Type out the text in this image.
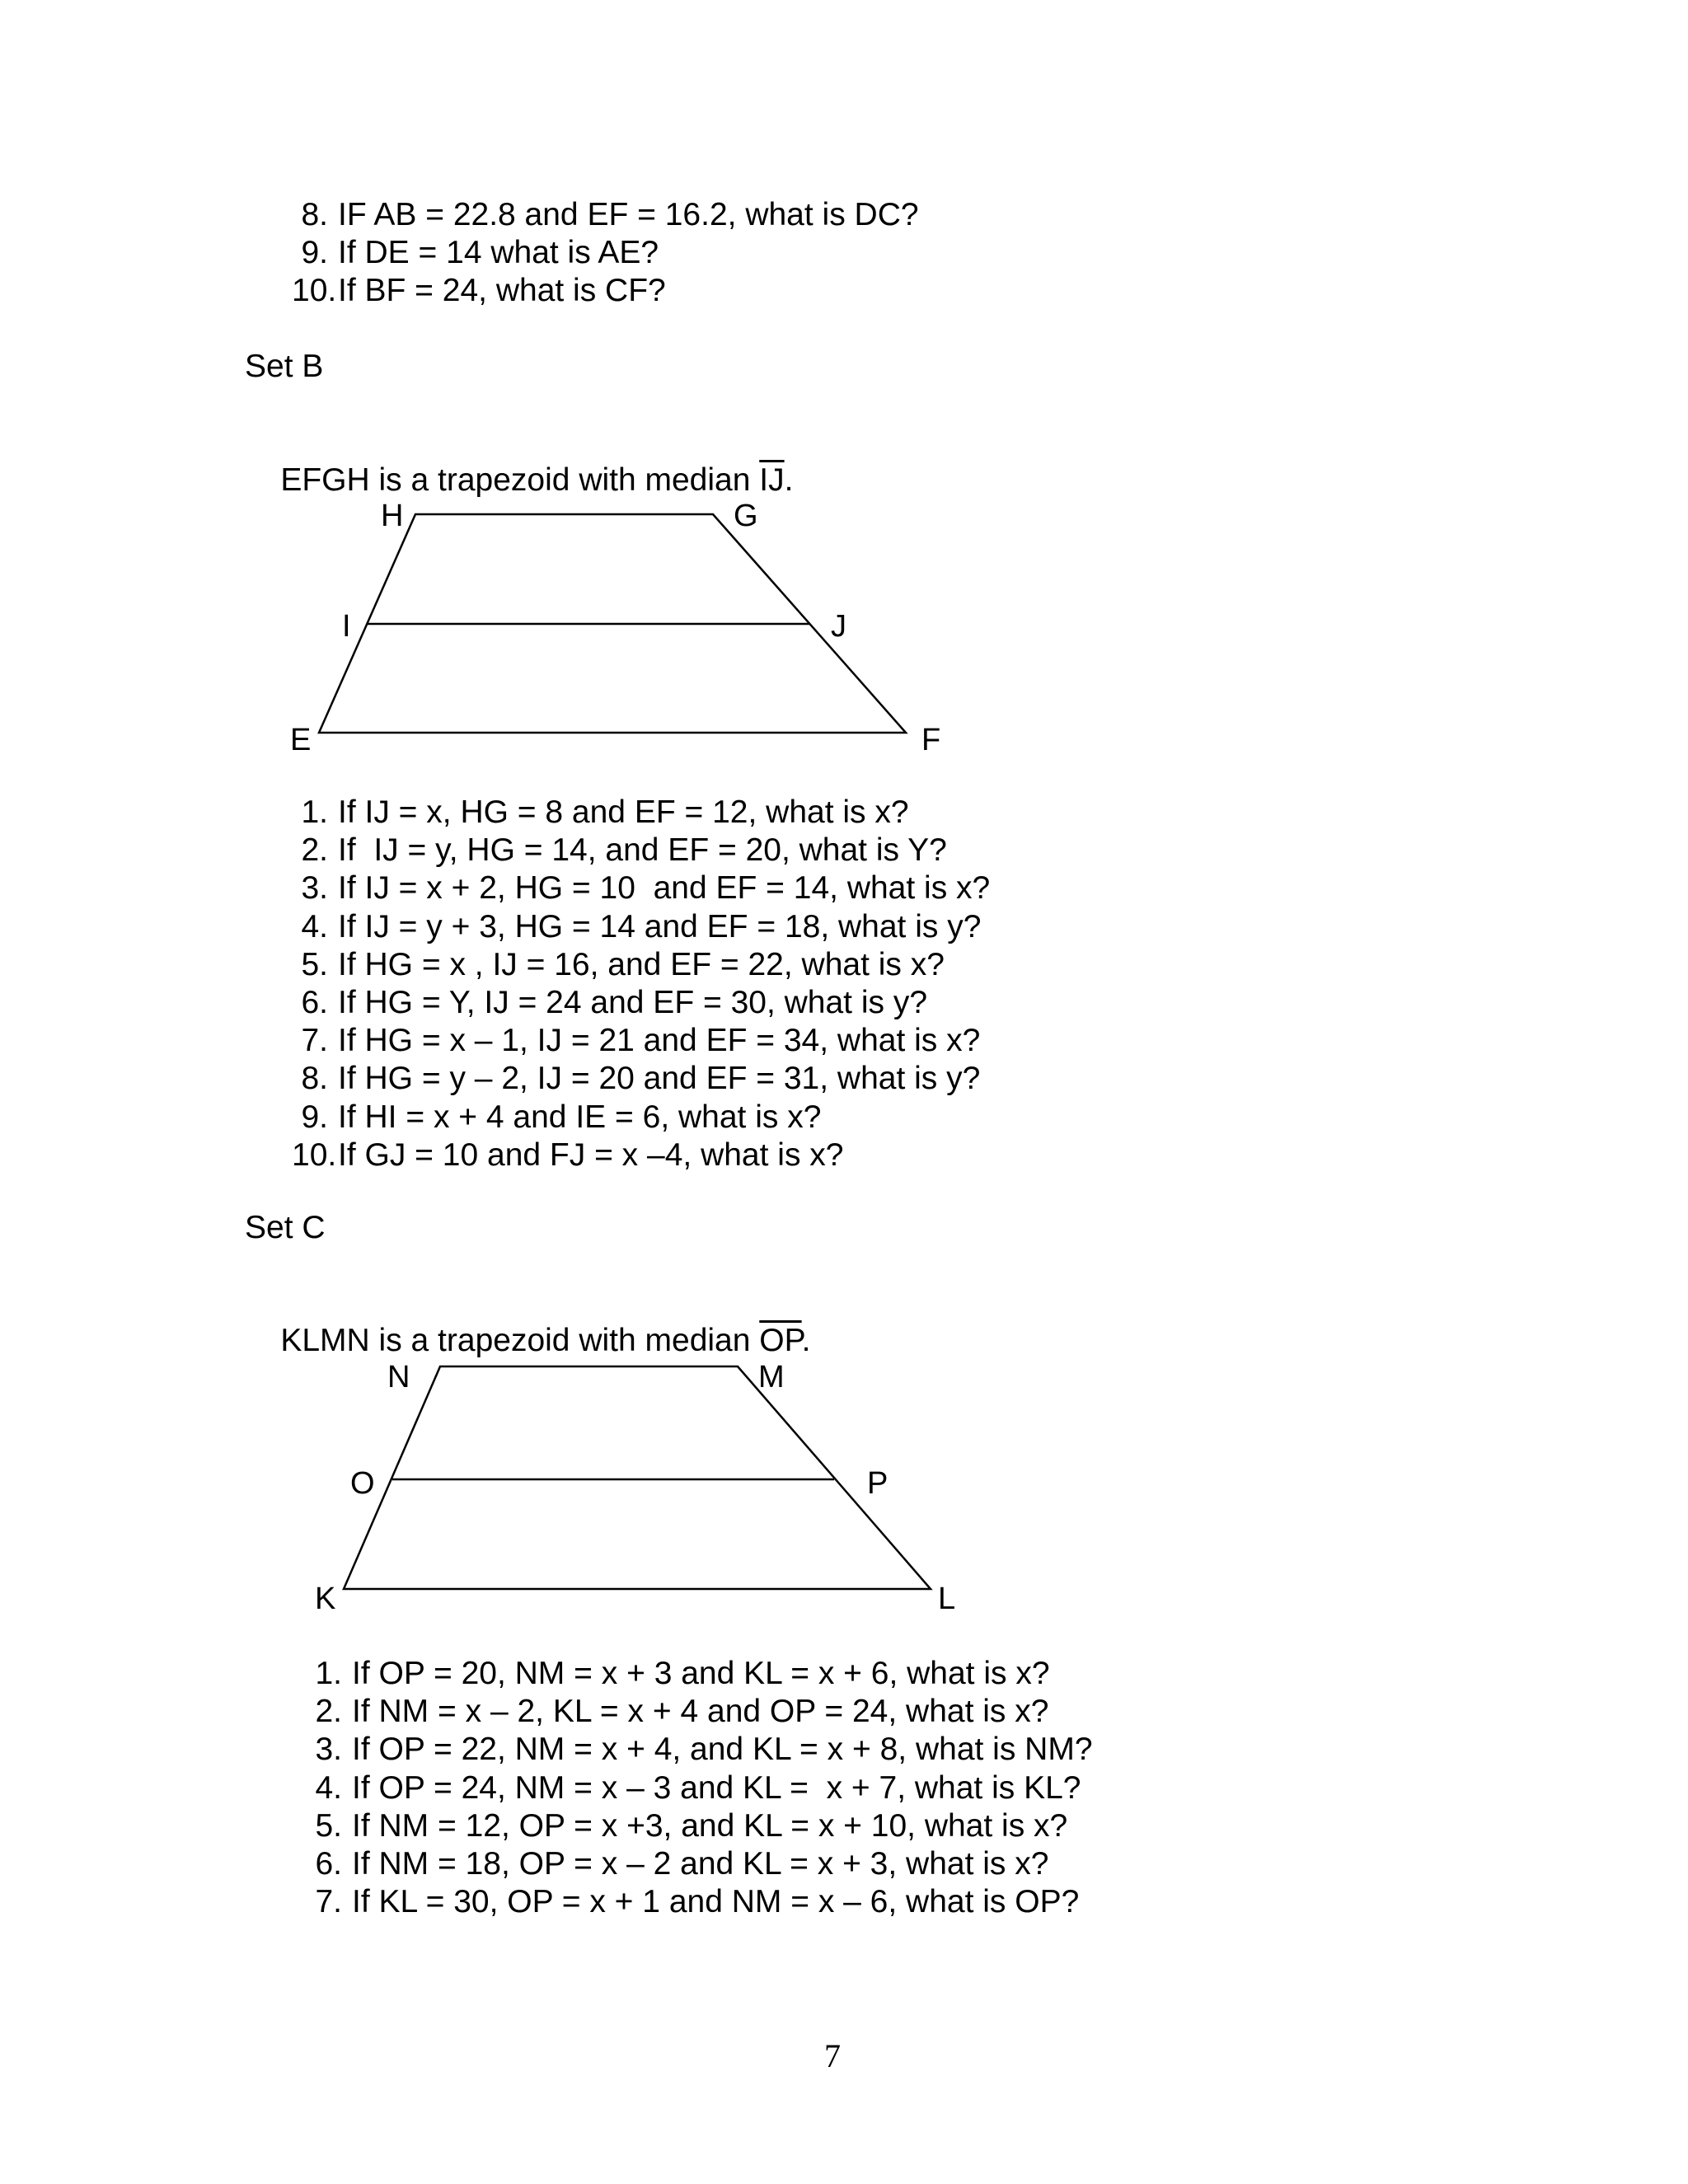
8. IF AB = 22.8 and EF = 16.2, what is DC?
9. If DE = 14 what is AE?
10.If BF = 24, what is CF?
Set B

EFGH is a trapezoid with median $\overline{IJ}$.

H	G
I	J
E	F
1. If IJ = x, HG = 8 and EF = 12, what is x?
2. If  IJ = y, HG = 14, and EF = 20, what is Y?
3. If IJ = x + 2, HG = 10  and EF = 14, what is x?
4. If IJ = y + 3, HG = 14 and EF = 18, what is y?
5. If HG = x , IJ = 16, and EF = 22, what is x?
6. If HG = Y, IJ = 24 and EF = 30, what is y?
7. If HG = x – 1, IJ = 21 and EF = 34, what is x?
8. If HG = y – 2, IJ = 20 and EF = 31, what is y?
9. If HI = x + 4 and IE = 6, what is x?
10.If GJ = 10 and FJ = x –4, what is x?
Set C

KLMN is a trapezoid with median $\overline{OP}$.

N	M
O	P
K	L
1. If OP = 20, NM = x + 3 and KL = x + 6, what is x?
2. If NM = x – 2, KL = x + 4 and OP = 24, what is x?
3. If OP = 22, NM = x + 4, and KL = x + 8, what is NM?
4. If OP = 24, NM = x – 3 and KL =  x + 7, what is KL?
5. If NM = 12, OP = x +3, and KL = x + 10, what is x?
6. If NM = 18, OP = x – 2 and KL = x + 3, what is x?
7. If KL = 30, OP = x + 1 and NM = x – 6, what is OP?
7
